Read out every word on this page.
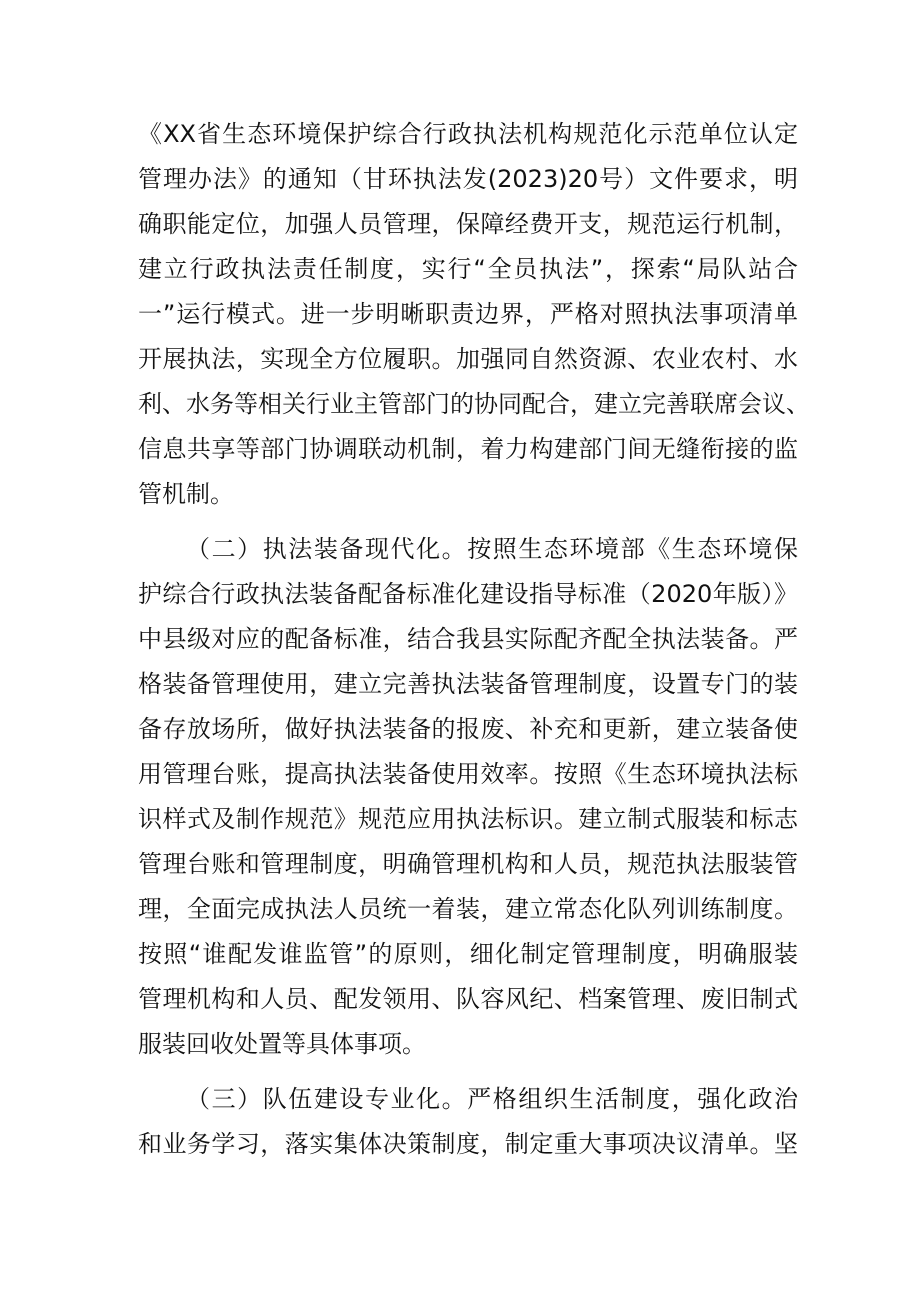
《XX省生态环境保护综合行政执法机构规范化示范单位认定
管理办法》的通知（甘环执法发(2023)20号）文件要求，明
确职能定位，加强人员管理，保障经费开支，规范运行机制，
建立行政执法责任制度，实行“全员执法”，探索“局队站合
一”运行模式。进一步明晰职责边界，严格对照执法事项清单
开展执法，实现全方位履职。加强同自然资源、农业农村、水
利、水务等相关行业主管部门的协同配合，建立完善联席会议、
信息共享等部门协调联动机制，着力构建部门间无缝衔接的监
管机制。
（二）执法装备现代化。按照生态环境部《生态环境保
护综合行政执法装备配备标准化建设指导标准（2020年版）》
中县级对应的配备标准，结合我县实际配齐配全执法装备。严
格装备管理使用，建立完善执法装备管理制度，设置专门的装
备存放场所，做好执法装备的报废、补充和更新，建立装备使
用管理台账，提高执法装备使用效率。按照《生态环境执法标
识样式及制作规范》规范应用执法标识。建立制式服装和标志
管理台账和管理制度，明确管理机构和人员，规范执法服装管
理，全面完成执法人员统一着装，建立常态化队列训练制度。
按照“谁配发谁监管”的原则，细化制定管理制度，明确服装
管理机构和人员、配发领用、队容风纪、档案管理、废旧制式
服装回收处置等具体事项。
（三）队伍建设专业化。严格组织生活制度，强化政治
和业务学习，落实集体决策制度，制定重大事项决议清单。坚
